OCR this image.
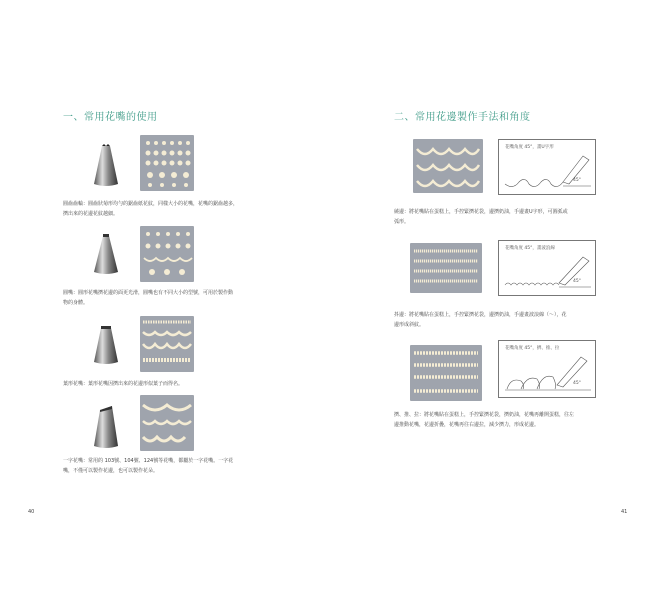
一、常用花嘴的使用
圓齒齒輪：圓齒狀菊形均勻的鋸齒紙花紋，同樣大小的花嘴，花嘴的鋸齒越多，
擠出來的花邊花紋越細。
圓嘴：圓形花嘴擠花邊的面更光滑，圓嘴也有不同大小的型號，可用於製作動
物的身體。
葉形花嘴：葉形花嘴因擠出來的花邊形似葉子而得名。
一字花嘴：常用的 103號、104號、124號等花嘴，都屬於一字花嘴。一字花
嘴，不僅可以製作花邊，也可以製作花朵。
40
二、常用花邊製作手法和角度
花嘴角度 45°，畫U字形
45°
繞邊：將花嘴貼在蛋糕上，手控緊擠花袋，邊擠奶油，手邊畫U字形，可圓弧或
弧形。
花嘴角度 45°，畫波浪線
45°
抖邊：將花嘴貼在蛋糕上，手控緊擠花袋，邊擠奶油，手邊畫波浪線（～），花
邊形成斜紋。
花嘴角度 45°，擠、推、拉
45°
擠、推、拉：將花嘴貼在蛋糕上，手控緊擠花袋，擠奶油，花嘴再離開蛋糕，往左
邊推動花嘴，花邊折疊，花嘴再往右邊拉，減少擠力，形成花邊。
41
